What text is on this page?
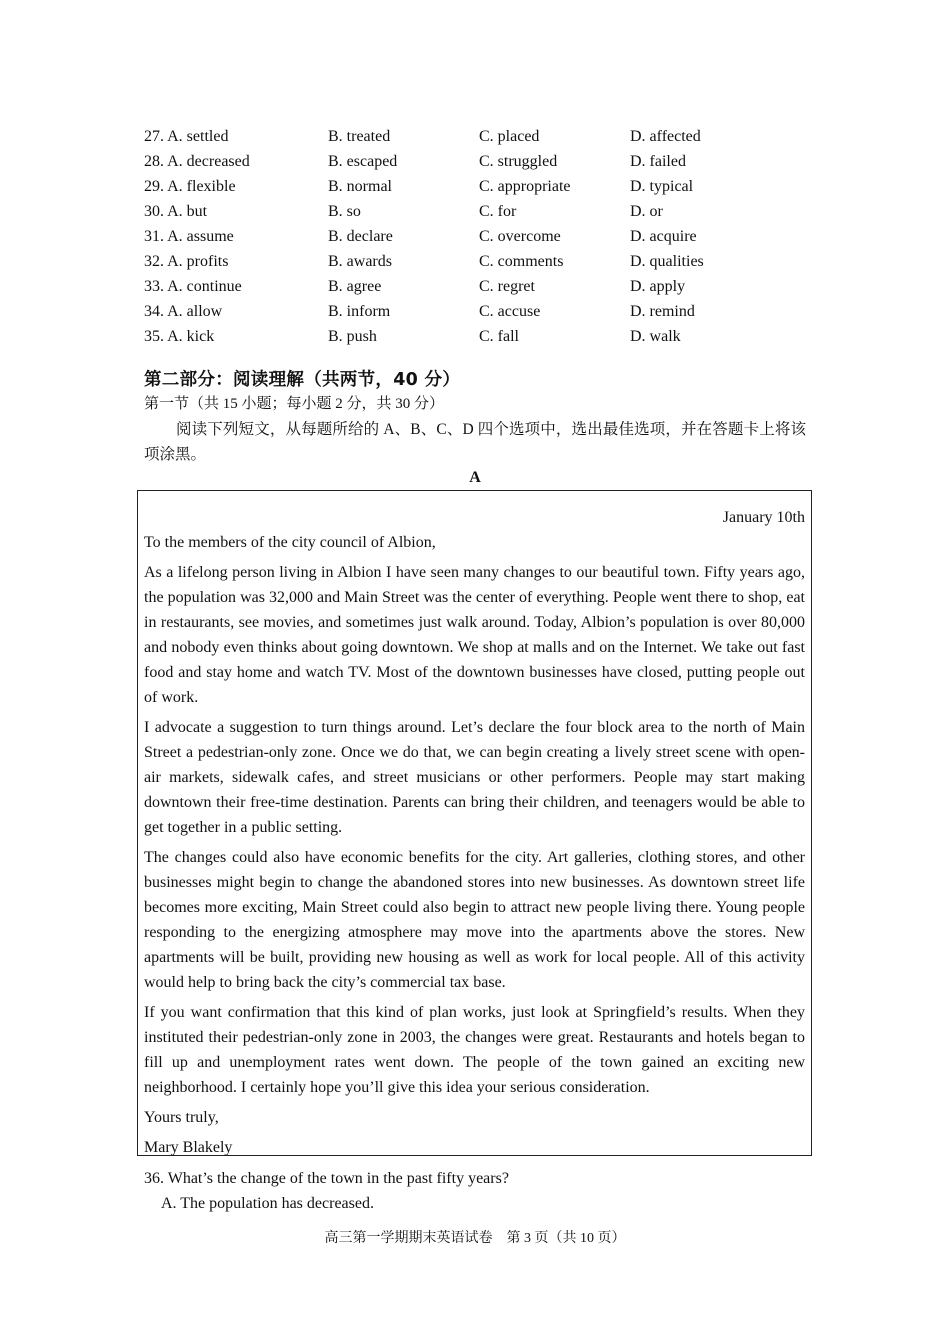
27. A. settled	B. treated	C. placed	D. affected
28. A. decreased	B. escaped	C. struggled	D. failed
29. A. flexible	B. normal	C. appropriate	D. typical
30. A. but	B. so	C. for	D. or
31. A. assume	B. declare	C. overcome	D. acquire
32. A. profits	B. awards	C. comments	D. qualities
33. A. continue	B. agree	C. regret	D. apply
34. A. allow	B. inform	C. accuse	D. remind
35. A. kick	B. push	C. fall	D. walk
第二部分：阅读理解（共两节，40 分）
第一节（共 15 小题；每小题 2 分，共 30 分）
阅读下列短文，从每题所给的 A、B、C、D 四个选项中，选出最佳选项，并在答题卡上将该项涂黑。
A
January 10th

To the members of the city council of Albion,

As a lifelong person living in Albion I have seen many changes to our beautiful town. Fifty years ago, the population was 32,000 and Main Street was the center of everything. People went there to shop, eat in restaurants, see movies, and sometimes just walk around. Today, Albion’s population is over 80,000 and nobody even thinks about going downtown. We shop at malls and on the Internet. We take out fast food and stay home and watch TV. Most of the downtown businesses have closed, putting people out of work.

I advocate a suggestion to turn things around. Let’s declare the four block area to the north of Main Street a pedestrian-only zone. Once we do that, we can begin creating a lively street scene with open-air markets, sidewalk cafes, and street musicians or other performers. People may start making downtown their free-time destination. Parents can bring their children, and teenagers would be able to get together in a public setting.

The changes could also have economic benefits for the city. Art galleries, clothing stores, and other businesses might begin to change the abandoned stores into new businesses. As downtown street life becomes more exciting, Main Street could also begin to attract new people living there. Young people responding to the energizing atmosphere may move into the apartments above the stores. New apartments will be built, providing new housing as well as work for local people. All of this activity would help to bring back the city’s commercial tax base.

If you want confirmation that this kind of plan works, just look at Springfield’s results. When they instituted their pedestrian-only zone in 2003, the changes were great. Restaurants and hotels began to fill up and unemployment rates went down. The people of the town gained an exciting new neighborhood. I certainly hope you’ll give this idea your serious consideration.

Yours truly,

Mary Blakely

36. What’s the change of the town in the past fifty years?
A. The population has decreased.
高三第一学期期末英语试卷　第 3 页（共 10 页）
